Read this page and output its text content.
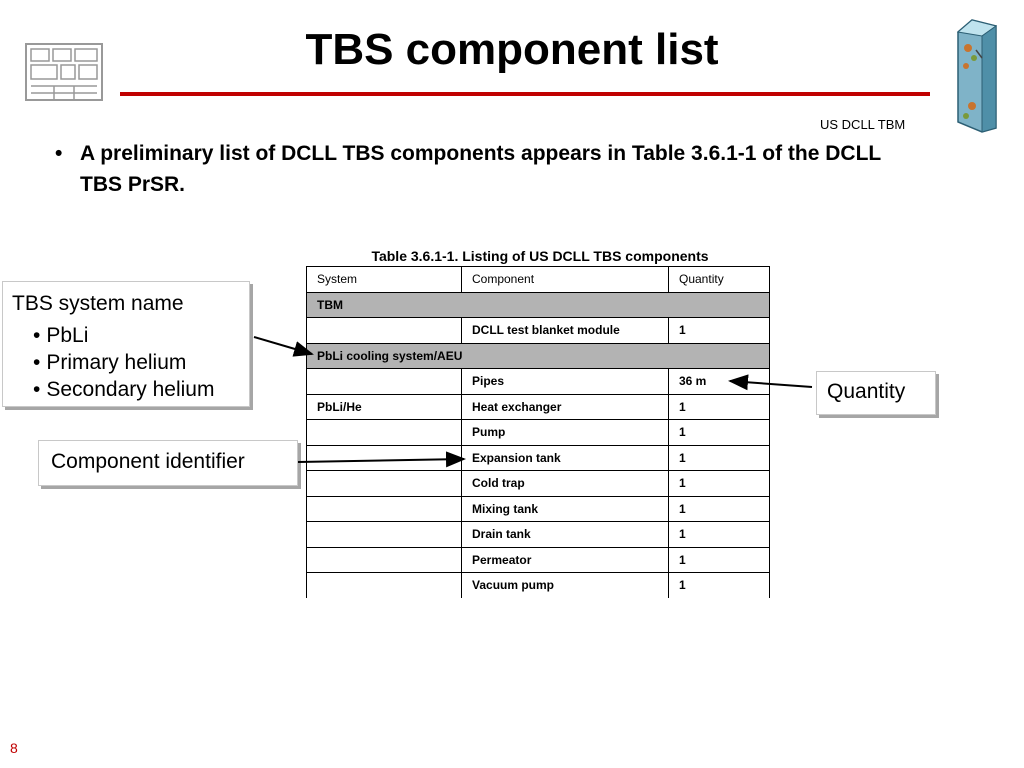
TBS component list
US DCLL TBM
• A preliminary list of DCLL TBS components appears in Table 3.6.1-1 of the DCLL TBS PrSR.
Table 3.6.1-1. Listing of US DCLL TBS components
System	Component	Quantity
TBM		
	DCLL test blanket module	1
PbLi cooling system/AEU		
	Pipes	36 m
PbLi/He	Heat exchanger	1
	Pump	1
	Expansion tank	1
	Cold trap	1
	Mixing tank	1
	Drain tank	1
	Permeator	1
	Vacuum pump	1
TBS system name
• PbLi
• Primary helium
• Secondary helium
Component identifier
Quantity
8
